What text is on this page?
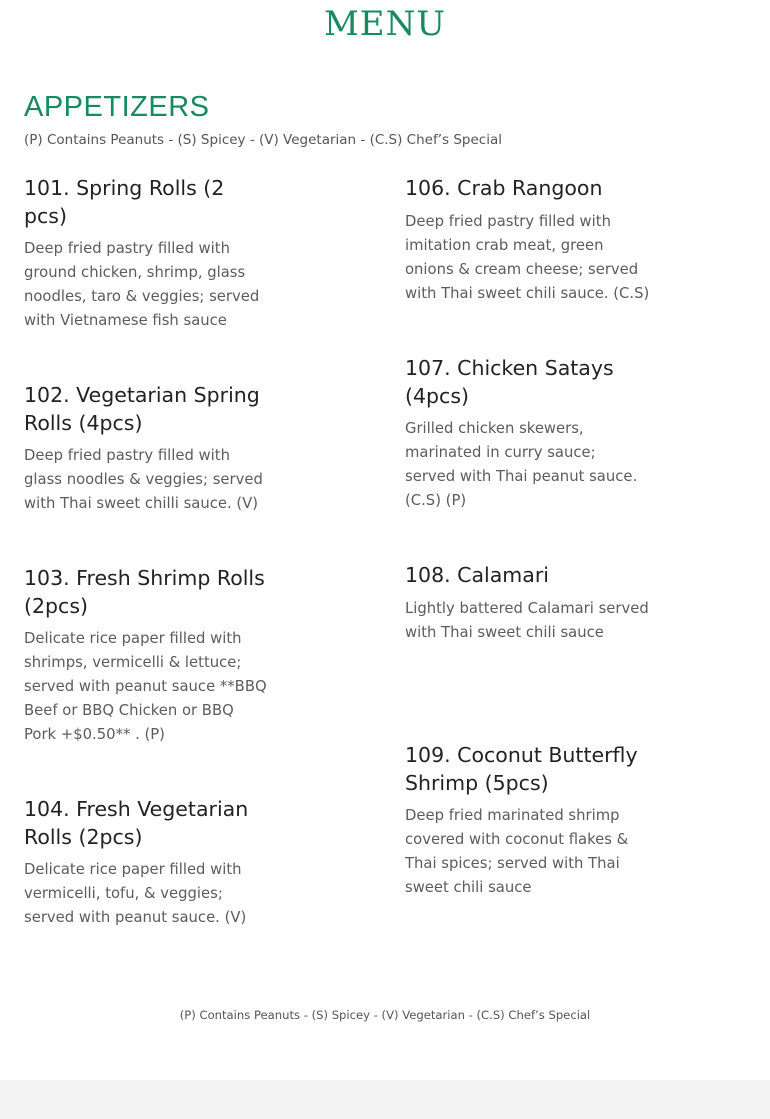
MENU
APPETIZERS
(P) Contains Peanuts - (S) Spicey - (V) Vegetarian - (C.S) Chef’s Special
101. Spring Rolls (2 pcs)
Deep fried pastry filled with ground chicken, shrimp, glass noodles, taro & veggies; served with Vietnamese fish sauce
102. Vegetarian Spring Rolls (4pcs)
Deep fried pastry filled with glass noodles & veggies; served with Thai sweet chilli sauce. (V)
103. Fresh Shrimp Rolls (2pcs)
Delicate rice paper filled with shrimps, vermicelli & lettuce; served with peanut sauce **BBQ Beef or BBQ Chicken or BBQ Pork +$0.50** . (P)
104. Fresh Vegetarian Rolls (2pcs)
Delicate rice paper filled with vermicelli, tofu, & veggies; served with peanut sauce. (V)
106. Crab Rangoon
Deep fried pastry filled with imitation crab meat, green onions & cream cheese; served with Thai sweet chili sauce. (C.S)
107. Chicken Satays (4pcs)
Grilled chicken skewers, marinated in curry sauce; served with Thai peanut sauce. (C.S) (P)
108. Calamari
Lightly battered Calamari served with Thai sweet chili sauce
109. Coconut Butterfly Shrimp (5pcs)
Deep fried marinated shrimp covered with coconut flakes & Thai spices; served with Thai sweet chili sauce
(P) Contains Peanuts - (S) Spicey - (V) Vegetarian - (C.S) Chef’s Special
